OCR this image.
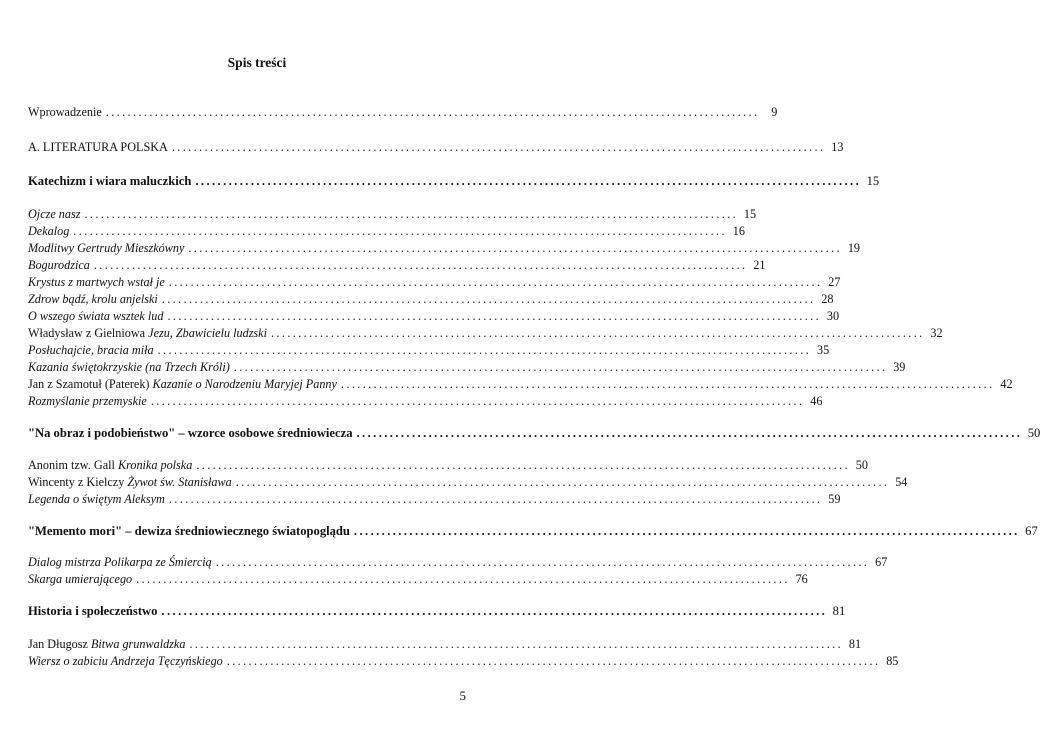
Spis treści
Wprowadzenie ........................................................................................................................ 9
A. LITERATURA POLSKA ........................................................................................................................ 13
Katechizm i wiara maluczkich ........................................................................................................................ 15
Ojcze nasz ........................................................................................................................ 15
Dekalog ........................................................................................................................ 16
Modlitwy Gertrudy Mieszkówny ........................................................................................................................ 19
Bogurodzica ........................................................................................................................ 21
Krystus z martwych wstał je ........................................................................................................................ 27
Zdrow bądź, krolu anjelski ........................................................................................................................ 28
O wszego świata wsztek lud ........................................................................................................................ 30
Władysław z Gielniowa Jezu, Zbawicielu ludzski ........................................................................................................................ 32
Posłuchajcie, bracia miła ........................................................................................................................ 35
Kazania świętokrzyskie (na Trzech Króli) ........................................................................................................................ 39
Jan z Szamotuł (Paterek) Kazanie o Narodzeniu Maryjej Panny ........................................................................................................................ 42
Rozmyślanie przemyskie ........................................................................................................................ 46
"Na obraz i podobieństwo" – wzorce osobowe średniowiecza ........................................................................................................................ 50
Anonim tzw. Gall Kronika polska ........................................................................................................................ 50
Wincenty z Kielczy Żywot św. Stanisława ........................................................................................................................ 54
Legenda o świętym Aleksym ........................................................................................................................ 59
"Memento mori" – dewiza średniowiecznego światopoglądu ........................................................................................................................ 67
Dialog mistrza Polikarpa ze Śmiercią ........................................................................................................................ 67
Skarga umierającego ........................................................................................................................ 76
Historia i społeczeństwo ........................................................................................................................ 81
Jan Długosz Bitwa grunwaldzka ........................................................................................................................ 81
Wiersz o zabiciu Andrzeja Tęczyńskiego ........................................................................................................................ 85
5
